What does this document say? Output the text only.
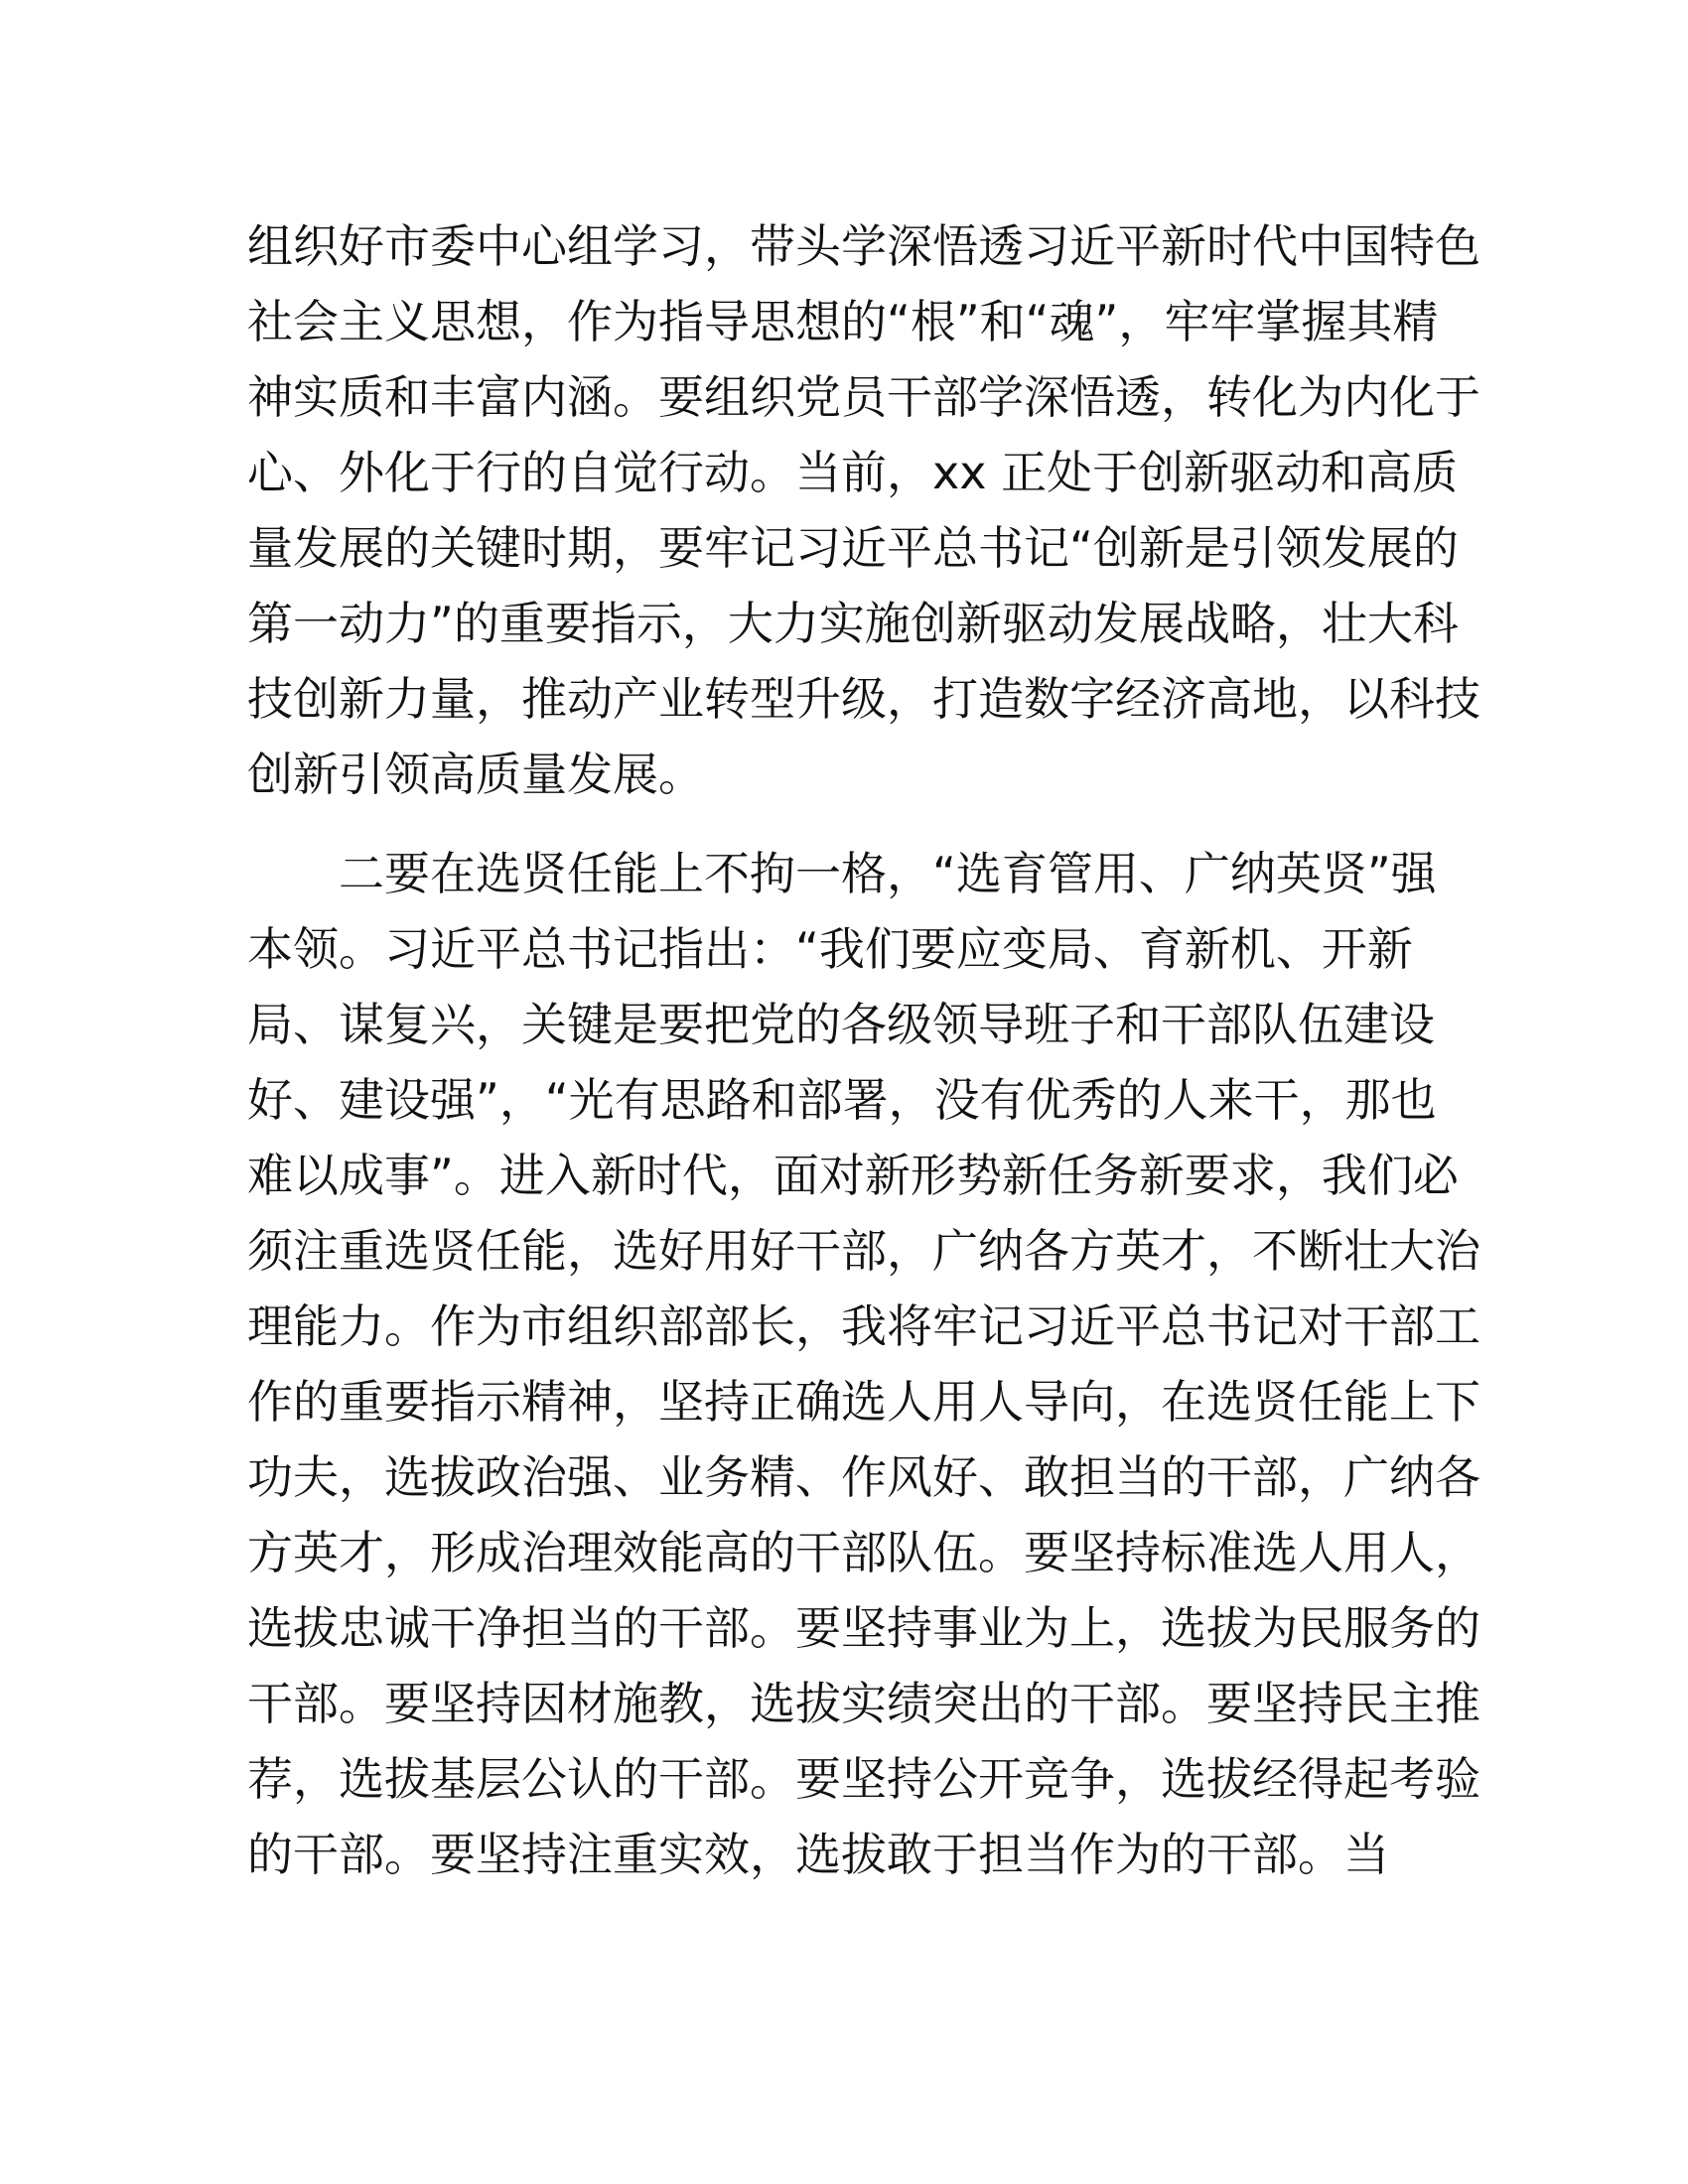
组织好市委中心组学习，带头学深悟透习近平新时代中国特色
社会主义思想，作为指导思想的“根”和“魂”，牢牢掌握其精
神实质和丰富内涵。要组织党员干部学深悟透，转化为内化于
心、外化于行的自觉行动。当前，xx 正处于创新驱动和高质
量发展的关键时期，要牢记习近平总书记“创新是引领发展的
第一动力”的重要指示，大力实施创新驱动发展战略，壮大科
技创新力量，推动产业转型升级，打造数字经济高地，以科技
创新引领高质量发展。
二要在选贤任能上不拘一格，“选育管用、广纳英贤”强
本领。习近平总书记指出：“我们要应变局、育新机、开新
局、谋复兴，关键是要把党的各级领导班子和干部队伍建设
好、建设强”，“光有思路和部署，没有优秀的人来干，那也
难以成事”。进入新时代，面对新形势新任务新要求，我们必
须注重选贤任能，选好用好干部，广纳各方英才，不断壮大治
理能力。作为市组织部部长，我将牢记习近平总书记对干部工
作的重要指示精神，坚持正确选人用人导向，在选贤任能上下
功夫，选拔政治强、业务精、作风好、敢担当的干部，广纳各
方英才，形成治理效能高的干部队伍。要坚持标准选人用人，
选拔忠诚干净担当的干部。要坚持事业为上，选拔为民服务的
干部。要坚持因材施教，选拔实绩突出的干部。要坚持民主推
荐，选拔基层公认的干部。要坚持公开竞争，选拔经得起考验
的干部。要坚持注重实效，选拔敢于担当作为的干部。当
